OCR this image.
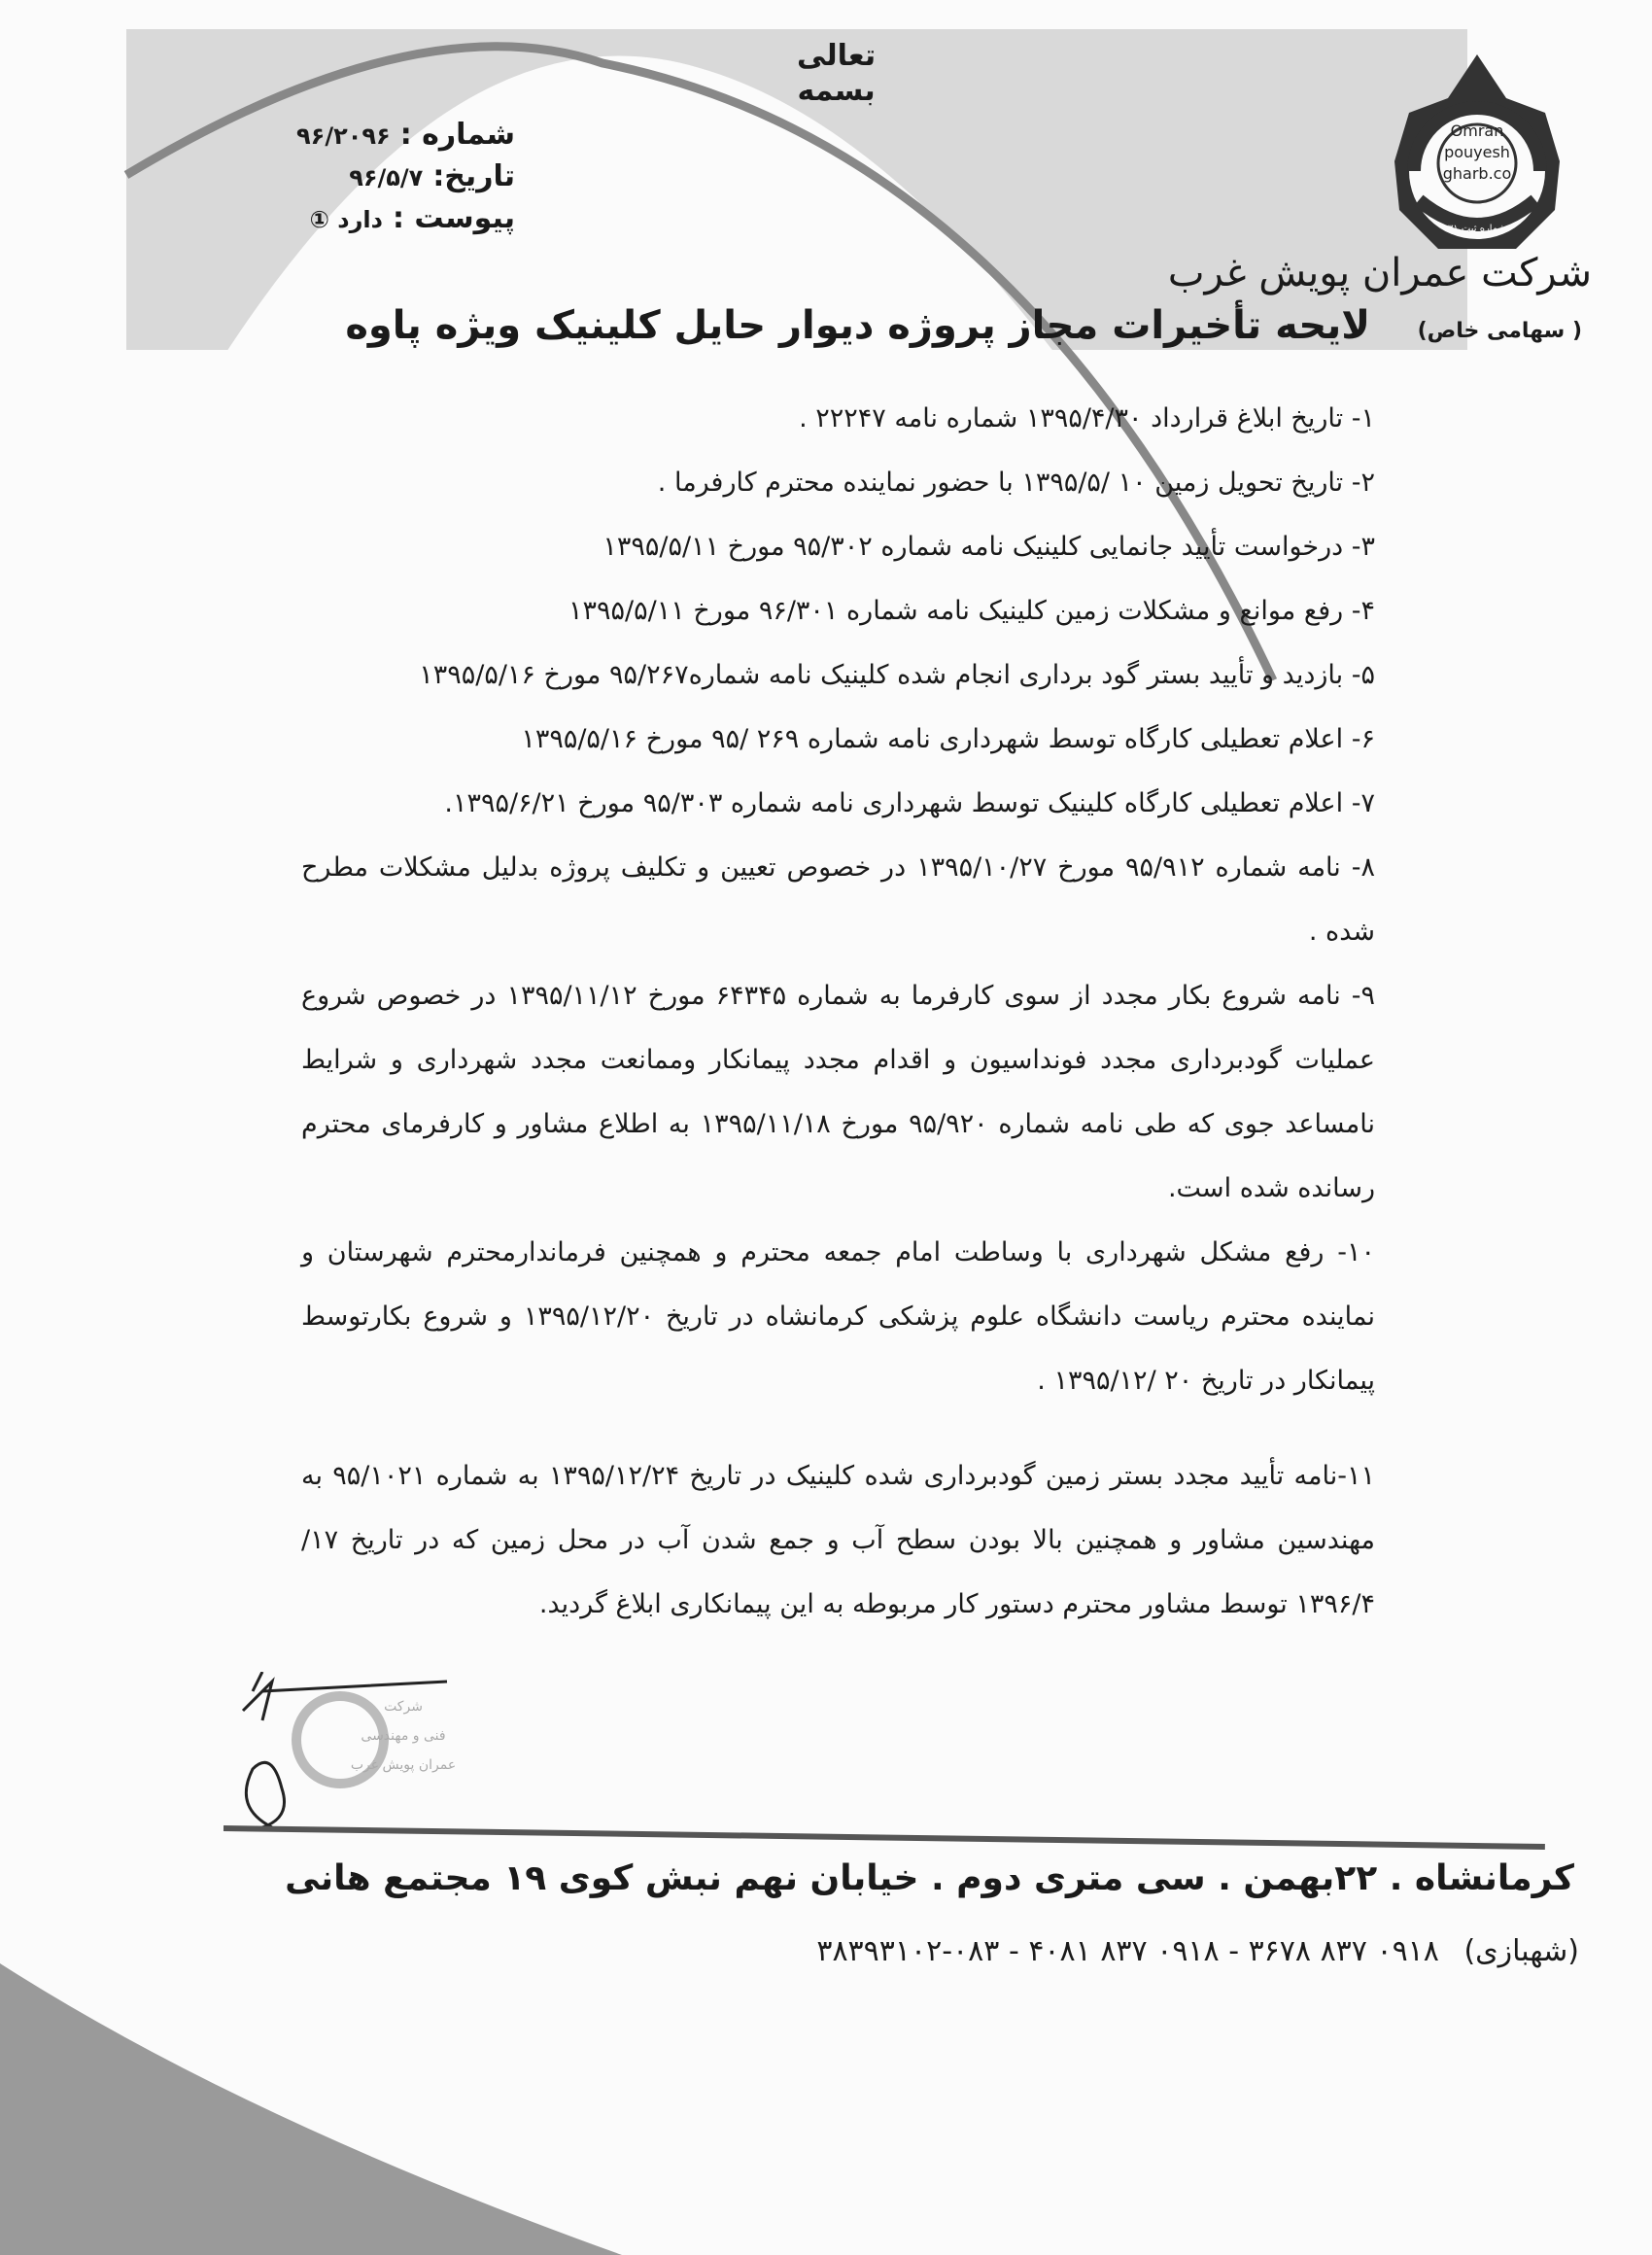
تعالی
بسمه
شماره :۹۶/۲۰۹۶
تاریخ:۹۶/۵/۷
پیوست :دارد ①	شماره ثبت ۳۱
Omran
pouyesh
gharb.co
شرکت عمران پویش غرب
( سهامی خاص)
لایحه تأخیرات مجاز پروژه دیوار حایل کلینیک ویژه پاوه

۱- تاریخ ابلاغ قرارداد ۱۳۹۵/۴/۳۰ شماره نامه ۲۲۲۴۷ .

۲- تاریخ تحویل زمین ۱۰ /۱۳۹۵/۵ با حضور نماینده محترم کارفرما .

۳- درخواست تأیید جانمایی کلینیک نامه شماره ۹۵/۳۰۲ مورخ ۱۳۹۵/۵/۱۱

۴- رفع موانع و مشکلات زمین کلینیک نامه شماره ۹۶/۳۰۱ مورخ ۱۳۹۵/۵/۱۱

۵- بازدید و تأیید بستر گود برداری انجام شده کلینیک نامه شماره۹۵/۲۶۷ مورخ ۱۳۹۵/۵/۱۶

۶- اعلام تعطیلی کارگاه توسط شهرداری نامه شماره ۲۶۹ /۹۵ مورخ ۱۳۹۵/۵/۱۶

۷- اعلام تعطیلی کارگاه کلینیک توسط شهرداری نامه شماره ۹۵/۳۰۳ مورخ ۱۳۹۵/۶/۲۱.

۸- نامه شماره ۹۵/۹۱۲ مورخ ۱۳۹۵/۱۰/۲۷ در خصوص تعیین و تکلیف پروژه بدلیل مشکلات مطرح شده .

۹- نامه شروع بکار مجدد از سوی کارفرما به شماره ۶۴۳۴۵ مورخ ۱۳۹۵/۱۱/۱۲ در خصوص شروع عملیات گودبرداری مجدد فونداسیون و اقدام مجدد پیمانکار وممانعت مجدد شهرداری و شرایط نامساعد جوی که طی نامه شماره ۹۵/۹۲۰ مورخ ۱۳۹۵/۱۱/۱۸ به اطلاع مشاور و کارفرمای محترم رسانده شده است.

۱۰- رفع مشکل شهرداری با وساطت امام جمعه محترم و همچنین فرماندارمحترم شهرستان و نماینده محترم ریاست دانشگاه علوم پزشکی کرمانشاه در تاریخ ۱۳۹۵/۱۲/۲۰ و شروع بکارتوسط پیمانکار در تاریخ ۲۰ /۱۳۹۵/۱۲ .

۱۱-نامه تأیید مجدد بستر زمین گودبرداری شده کلینیک در تاریخ ۱۳۹۵/۱۲/۲۴ به شماره ۹۵/۱۰۲۱ به مهندسین مشاور و همچنین بالا بودن سطح آب و جمع شدن آب در محل زمین که در تاریخ ۱۷/ ۱۳۹۶/۴ توسط مشاور محترم دستور کار مربوطه به این پیمانکاری ابلاغ گردید.

شرکت
فنی و مهندسی
عمران پویش غرب
کرمانشاه . ۲۲بهمن . سی متری دوم . خیابان نهم نبش کوی ۱۹ مجتمع هانی
(شهبازی) ۰۹۱۸ ۸۳۷ ۳۶۷۸ - ۰۹۱۸ ۸۳۷ ۴۰۸۱ - ۰۸۳-۳۸۳۹۳۱۰۲
